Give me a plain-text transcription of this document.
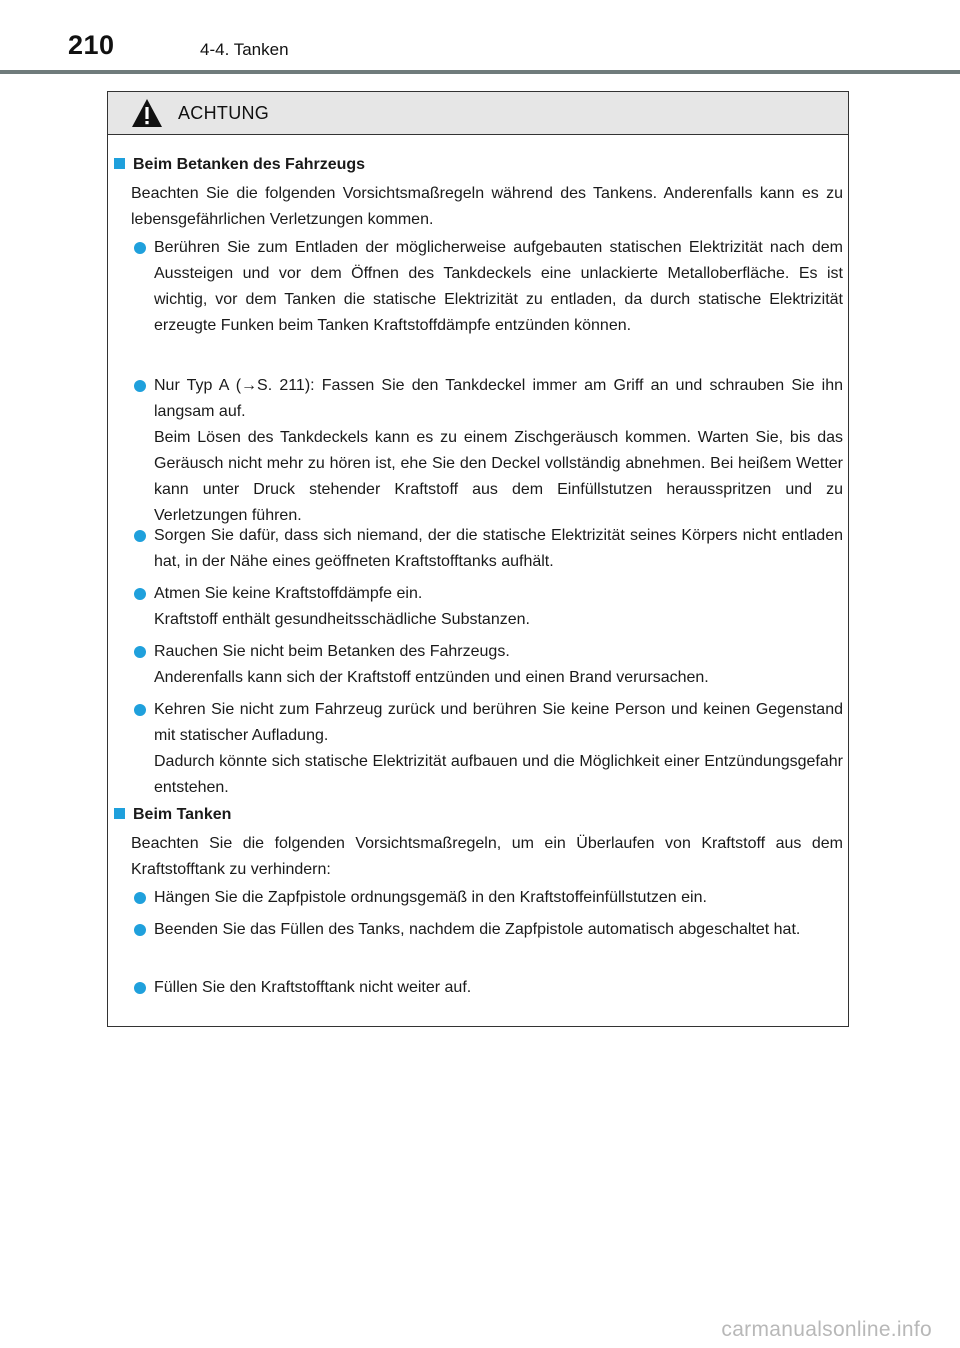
210	4-4. Tanken
ACHTUNG
Beim Betanken des Fahrzeugs

Beachten Sie die folgenden Vorsichtsmaßregeln während des Tankens. Anderenfalls kann es zu lebensgefährlichen Verletzungen kommen.

Berühren Sie zum Entladen der möglicherweise aufgebauten statischen Elektrizität nach dem Aussteigen und vor dem Öffnen des Tankdeckels eine unlackierte Metalloberfläche. Es ist wichtig, vor dem Tanken die statische Elektrizität zu entladen, da durch statische Elektrizität erzeugte Funken beim Tanken Kraftstoffdämpfe entzünden können.

Nur Typ A (→S. 211): Fassen Sie den Tankdeckel immer am Griff an und schrauben Sie ihn langsam auf.

Beim Lösen des Tankdeckels kann es zu einem Zischgeräusch kommen. Warten Sie, bis das Geräusch nicht mehr zu hören ist, ehe Sie den Deckel vollständig abnehmen. Bei heißem Wetter kann unter Druck stehender Kraftstoff aus dem Einfüllstutzen herausspritzen und zu Verletzungen führen.

Sorgen Sie dafür, dass sich niemand, der die statische Elektrizität seines Körpers nicht entladen hat, in der Nähe eines geöffneten Kraftstofftanks aufhält.

Atmen Sie keine Kraftstoffdämpfe ein.

Kraftstoff enthält gesundheitsschädliche Substanzen.

Rauchen Sie nicht beim Betanken des Fahrzeugs.

Anderenfalls kann sich der Kraftstoff entzünden und einen Brand verursachen.

Kehren Sie nicht zum Fahrzeug zurück und berühren Sie keine Person und keinen Gegenstand mit statischer Aufladung.

Dadurch könnte sich statische Elektrizität aufbauen und die Möglichkeit einer Entzündungsgefahr entstehen.

Beim Tanken

Beachten Sie die folgenden Vorsichtsmaßregeln, um ein Überlaufen von Kraftstoff aus dem Kraftstofftank zu verhindern:

Hängen Sie die Zapfpistole ordnungsgemäß in den Kraftstoffeinfüllstutzen ein.

Beenden Sie das Füllen des Tanks, nachdem die Zapfpistole automatisch abgeschaltet hat.

Füllen Sie den Kraftstofftank nicht weiter auf.

carmanualsonline.info
